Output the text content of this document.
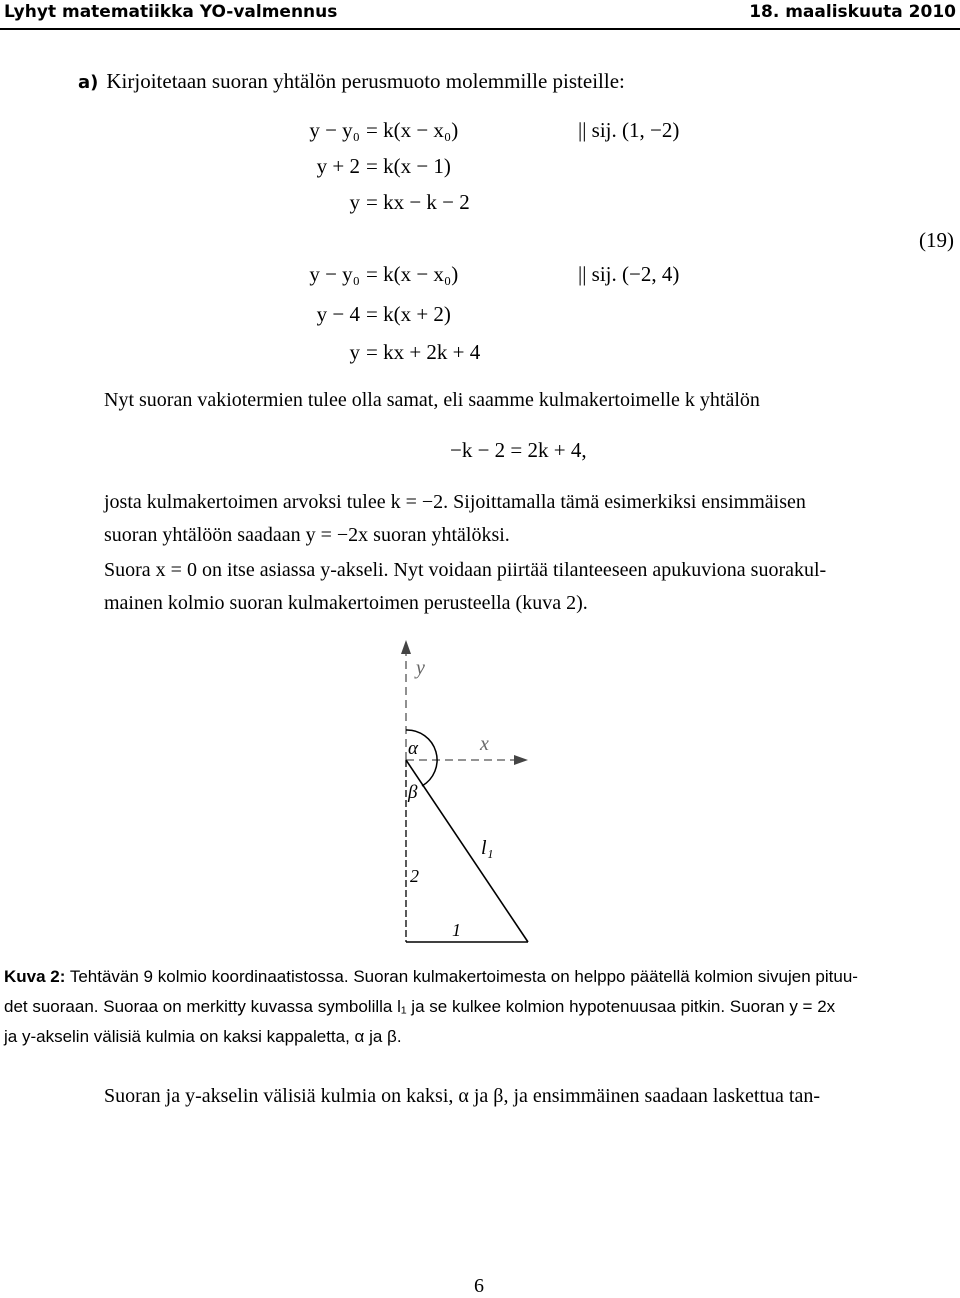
Lyhyt matematiikka YO-valmennus	18. maaliskuuta 2010
a) Kirjoitetaan suoran yhtälön perusmuoto molemmille pisteille:
y − y₀ = k(x − x₀)	|| sij. (1, −2)
y + 2 = k(x − 1)
y = kx − k − 2
y − y₀ = k(x − x₀)	|| sij. (−2, 4)
y − 4 = k(x + 2)
y = kx + 2k + 4
(19)
Nyt suoran vakiotermien tulee olla samat, eli saamme kulmakertoimelle k yhtälön
−k − 2 = 2k + 4,
josta kulmakertoimen arvoksi tulee k = −2. Sijoittamalla tämä esimerkiksi ensimmäisen
suoran yhtälöön saadaan y = −2x suoran yhtälöksi.
Suora x = 0 on itse asiassa y-akseli. Nyt voidaan piirtää tilanteeseen apukuviona suorakul-
mainen kolmio suoran kulmakertoimen perusteella (kuva 2).
y
x
α
β
l₁
2
1
Kuva 2: Tehtävän 9 kolmio koordinaatistossa. Suoran kulmakertoimesta on helppo päätellä kolmion sivujen pituu-
det suoraan. Suoraa on merkitty kuvassa symbolilla l₁ ja se kulkee kolmion hypotenuusaa pitkin. Suoran y = 2x
ja y-akselin välisiä kulmia on kaksi kappaletta, α ja β.
Suoran ja y-akselin välisiä kulmia on kaksi, α ja β, ja ensimmäinen saadaan laskettua tan-
6
